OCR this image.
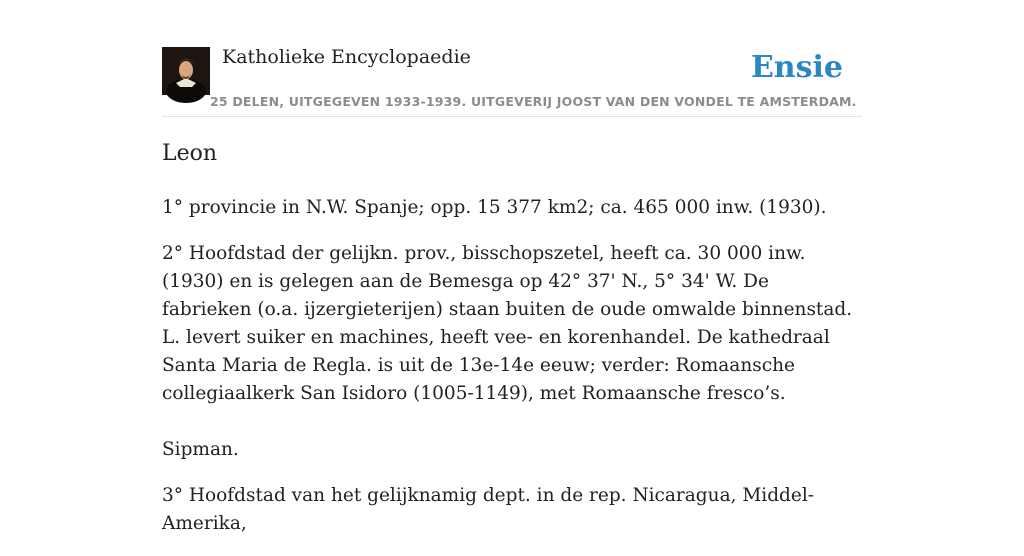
Katholieke Encyclopaedie	Ensie
25 DELEN, UITGEGEVEN 1933-1939. UITGEVERIJ JOOST VAN DEN VONDEL TE AMSTERDAM.
Leon

1° provincie in N.W. Spanje; opp. 15 377 km2; ca. 465 000 inw. (1930).

2° Hoofdstad der gelijkn. prov., bisschopszetel, heeft ca. 30 000 inw. (1930) en is gelegen aan de Bemesga op 42° 37' N., 5° 34' W. De fabrieken (o.a. ijzergieterijen) staan buiten de oude omwalde binnenstad. L. levert suiker en machines, heeft vee- en korenhandel. De kathedraal Santa Maria de Regla. is uit de 13e-14e eeuw; verder: Romaansche collegiaalkerk San Isidoro (1005-1149), met Romaansche fresco’s.

Sipman.

3° Hoofdstad van het gelijknamig dept. in de rep. Nicaragua, Middel-Amerika,
